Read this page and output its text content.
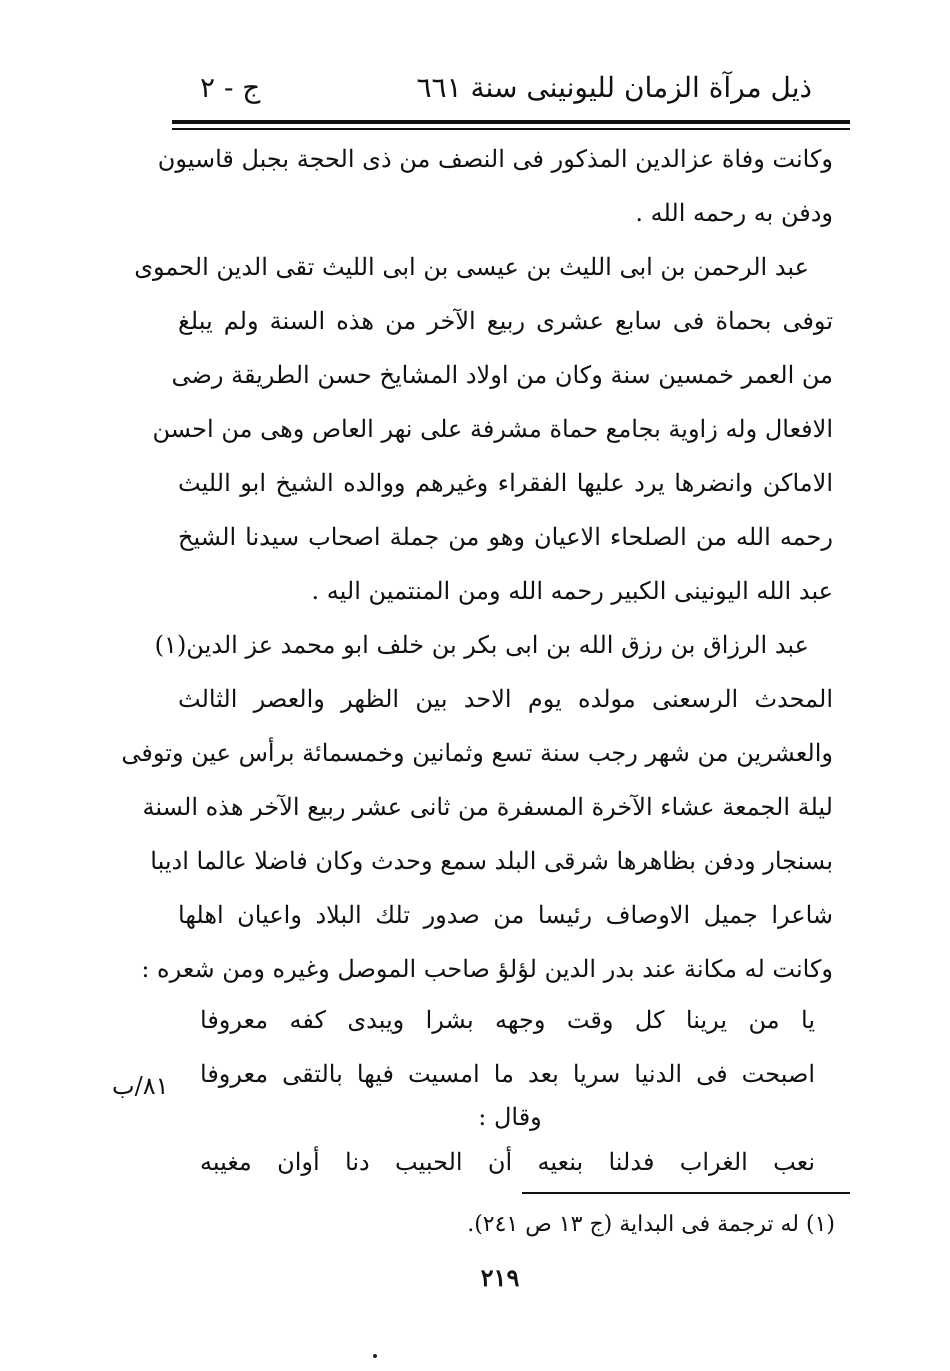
ذيل مرآة الزمان لليونينى سنة ٦٦١
ج - ٢
وكانت وفاة عزالدين المذكور فى النصف من ذى الحجة بجبل قاسيون
ودفن به رحمه الله .
عبد الرحمن بن ابى الليث بن عيسى بن ابى الليث تقى الدين الحموى
توفى بحماة فى سابع عشرى ربيع الآخر من هذه السنة ولم يبلغ
من العمر خمسين سنة وكان من اولاد المشايخ حسن الطريقة رضى
الافعال وله زاوية بجامع حماة مشرفة على نهر العاص وهى من احسن
الاماكن وانضرها يرد عليها الفقراء وغيرهم ووالده الشيخ ابو الليث
رحمه الله من الصلحاء الاعيان وهو من جملة اصحاب سيدنا الشيخ
عبد الله اليونينى الكبير رحمه الله ومن المنتمين اليه .
عبد الرزاق بن رزق الله بن ابى بكر بن خلف ابو محمد عز الدين(١)
المحدث الرسعنى مولده يوم الاحد بين الظهر والعصر الثالث
والعشرين من شهر رجب سنة تسع وثمانين وخمسمائة برأس عين وتوفى
ليلة الجمعة عشاء الآخرة المسفرة من ثانى عشر ربيع الآخر هذه السنة
بسنجار ودفن بظاهرها شرقى البلد سمع وحدث وكان فاضلا عالما اديبا
شاعرا جميل الاوصاف رئيسا من صدور تلك البلاد واعيان اهلها
وكانت له مكانة عند بدر الدين لؤلؤ صاحب الموصل وغيره ومن شعره :
يا من يرينا كل وقت وجهه بشرا ويبدى كفه معروفا
اصبحت فى الدنيا سريا بعد ما امسيت فيها بالتقى معروفا
٨١/ب
وقال :
نعب الغراب فدلنا بنعيه أن الحبيب دنا أوان مغيبه
(١) له ترجمة فى البداية (ج ١٣ ص ٢٤١).
٢١٩
